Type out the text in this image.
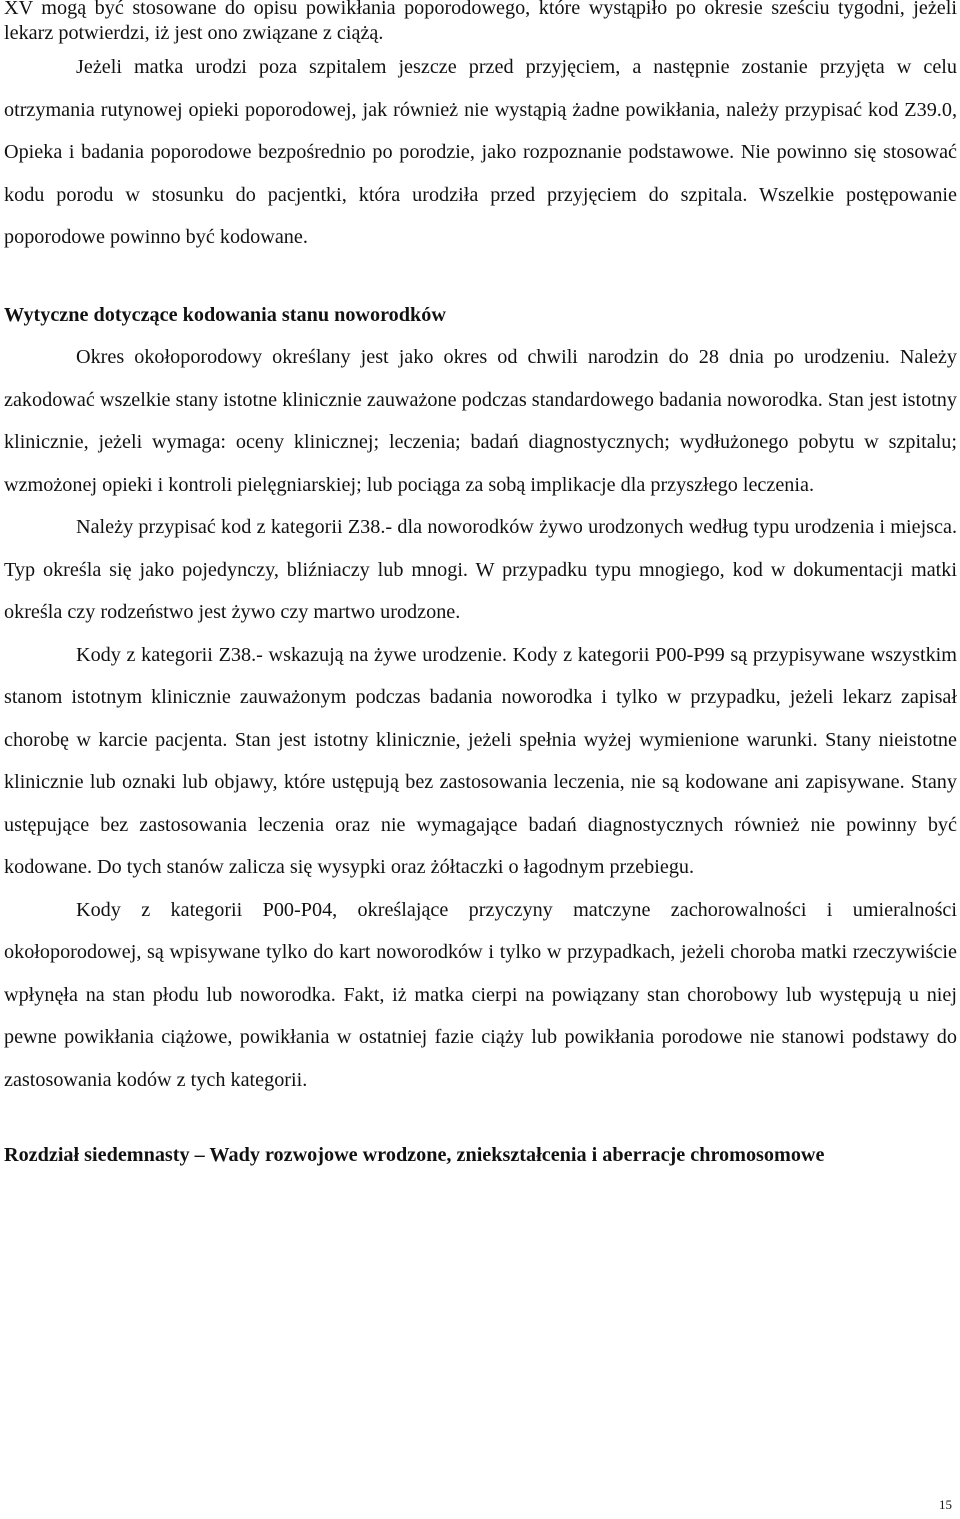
XV mogą być stosowane do opisu powikłania poporodowego, które wystąpiło po okresie sześciu tygodni, jeżeli lekarz potwierdzi, iż jest ono związane z ciążą.

Jeżeli matka urodzi poza szpitalem jeszcze przed przyjęciem, a następnie zostanie przyjęta w celu otrzymania rutynowej opieki poporodowej, jak również nie wystąpią żadne powikłania, należy przypisać kod Z39.0, Opieka i badania poporodowe bezpośrednio po porodzie, jako rozpoznanie podstawowe. Nie powinno się stosować kodu porodu w stosunku do pacjentki, która urodziła przed przyjęciem do szpitala. Wszelkie postępowanie poporodowe powinno być kodowane.

Wytyczne dotyczące kodowania stanu noworodków

Okres okołoporodowy określany jest jako okres od chwili narodzin do 28 dnia po urodzeniu. Należy zakodować wszelkie stany istotne klinicznie zauważone podczas standardowego badania noworodka. Stan jest istotny klinicznie, jeżeli wymaga: oceny klinicznej; leczenia; badań diagnostycznych; wydłużonego pobytu w szpitalu; wzmożonej opieki i kontroli pielęgniarskiej; lub pociąga za sobą implikacje dla przyszłego leczenia.

Należy przypisać kod z kategorii Z38.- dla noworodków żywo urodzonych według typu urodzenia i miejsca. Typ określa się jako pojedynczy, bliźniaczy lub mnogi. W przypadku typu mnogiego, kod w dokumentacji matki określa czy rodzeństwo jest żywo czy martwo urodzone.

Kody z kategorii Z38.- wskazują na żywe urodzenie. Kody z kategorii P00-P99 są przypisywane wszystkim stanom istotnym klinicznie zauważonym podczas badania noworodka i tylko w przypadku, jeżeli lekarz zapisał chorobę w karcie pacjenta. Stan jest istotny klinicznie, jeżeli spełnia wyżej wymienione warunki. Stany nieistotne klinicznie lub oznaki lub objawy, które ustępują bez zastosowania leczenia, nie są kodowane ani zapisywane. Stany ustępujące bez zastosowania leczenia oraz nie wymagające badań diagnostycznych również nie powinny być kodowane. Do tych stanów zalicza się wysypki oraz żółtaczki o łagodnym przebiegu.

Kody z kategorii P00-P04, określające przyczyny matczyne zachorowalności i umieralności okołoporodowej, są wpisywane tylko do kart noworodków i tylko w przypadkach, jeżeli choroba matki rzeczywiście wpłynęła na stan płodu lub noworodka. Fakt, iż matka cierpi na powiązany stan chorobowy lub występują u niej pewne powikłania ciążowe, powikłania w ostatniej fazie ciąży lub powikłania porodowe nie stanowi podstawy do zastosowania kodów z tych kategorii.

Rozdział siedemnasty – Wady rozwojowe wrodzone, zniekształcenia i aberracje chromosomowe

15
